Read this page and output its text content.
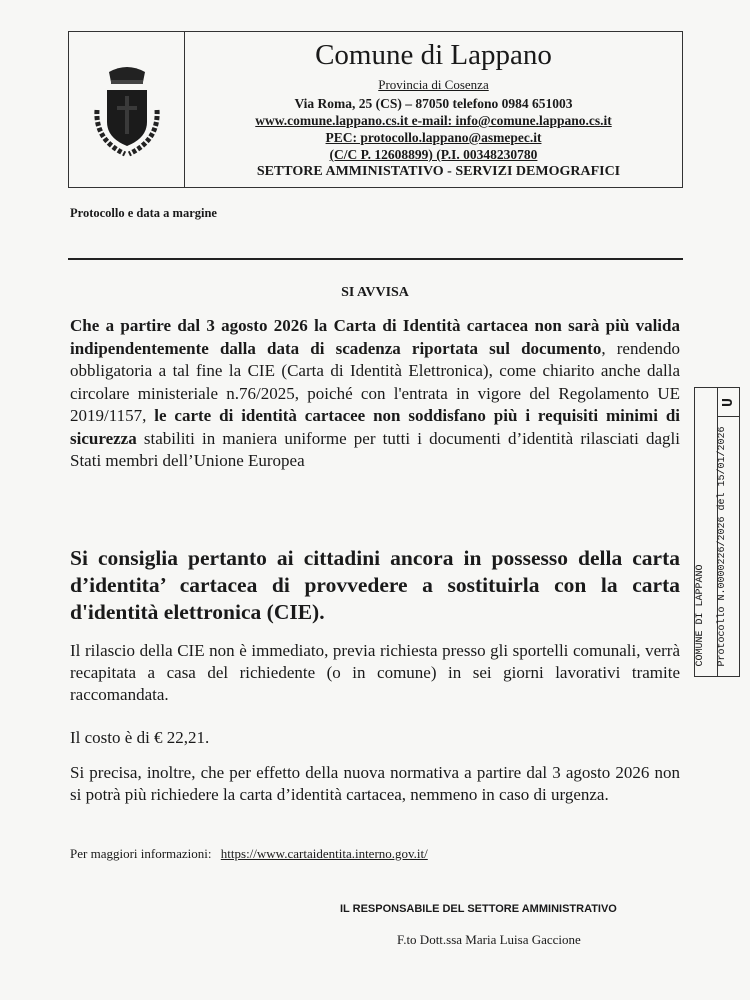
Comune di Lappano
Provincia di Cosenza
Via Roma, 25 (CS) – 87050 telefono 0984 651003
www.comune.lappano.cs.it e-mail: info@comune.lappano.cs.it
PEC: protocollo.lappano@asmepec.it
(C/C P. 12608899) (P.I. 00348230780
SETTORE AMMINISTATIVO - SERVIZI DEMOGRAFICI
Protocollo e data a margine
SI AVVISA
Che a partire dal 3 agosto 2026 la Carta di Identità cartacea non sarà più valida indipendentemente dalla data di scadenza riportata sul documento, rendendo obbligatoria a tal fine la CIE (Carta di Identità Elettronica), come chiarito anche dalla circolare ministeriale n.76/2025, poiché con l'entrata in vigore del Regolamento UE 2019/1157, le carte di identità cartacee non soddisfano più i requisiti minimi di sicurezza stabiliti in maniera uniforme per tutti i documenti d’identità rilasciati dagli Stati membri dell’Unione Europea
Si consiglia pertanto ai cittadini ancora in possesso della carta d’identita’ cartacea di provvedere a sostituirla con la carta d'identità elettronica (CIE).
Il rilascio della CIE non è immediato, previa richiesta presso gli sportelli comunali, verrà recapitata a casa del richiedente (o in comune) in sei giorni lavorativi tramite raccomandata.
Il costo è di € 22,21.
Si precisa, inoltre, che per effetto della nuova normativa a partire dal 3 agosto 2026 non si potrà più richiedere la carta d’identità cartacea, nemmeno in caso di urgenza.
Per maggiori informazioni: https://www.cartaidentita.interno.gov.it/
IL RESPONSABILE DEL SETTORE AMMINISTRATIVO
F.to Dott.ssa Maria Luisa Gaccione
COMUNE DI LAPPANO
U
Protocollo N.0000226/2026 del 15/01/2026
